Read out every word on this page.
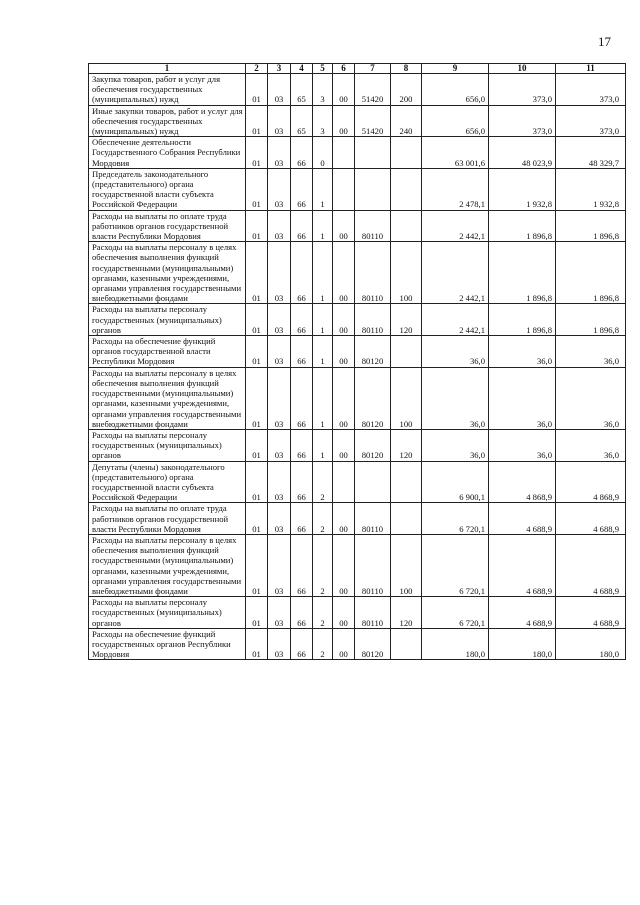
17
1	2	3	4	5	6	7	8	9	10	11

Закупка товаров, работ и услуг для обеспечения государственных (муниципальных) нужд	01	03	65	3	00	51420	200	656,0	373,0	373,0

Иные закупки товаров, работ и услуг для обеспечения государственных (муниципальных) нужд	01	03	65	3	00	51420	240	656,0	373,0	373,0

Обеспечение деятельности Государственного Собрания Республики Мордовия	01	03	66	0				63 001,6	48 023,9	48 329,7

Председатель законодательного (представительного) органа государственной власти субъекта Российской Федерации	01	03	66	1				2 478,1	1 932,8	1 932,8

Расходы на выплаты по оплате труда работников органов государственной власти Республики Мордовия	01	03	66	1	00	80110		2 442,1	1 896,8	1 896,8

Расходы на выплаты персоналу в целях обеспечения выполнения функций государственными (муниципальными) органами, казенными учреждениями, органами управления государственными внебюджетными фондами	01	03	66	1	00	80110	100	2 442,1	1 896,8	1 896,8

Расходы на выплаты персоналу государственных (муниципальных) органов	01	03	66	1	00	80110	120	2 442,1	1 896,8	1 896,8

Расходы на обеспечение функций органов государственной власти Республики Мордовия	01	03	66	1	00	80120		36,0	36,0	36,0

Расходы на выплаты персоналу в целях обеспечения выполнения функций государственными (муниципальными) органами, казенными учреждениями, органами управления государственными внебюджетными фондами	01	03	66	1	00	80120	100	36,0	36,0	36,0

Расходы на выплаты персоналу государственных (муниципальных) органов	01	03	66	1	00	80120	120	36,0	36,0	36,0

Депутаты (члены) законодательного (представительного) органа государственной власти субъекта Российской Федерации	01	03	66	2				6 900,1	4 868,9	4 868,9

Расходы на выплаты по оплате труда работников органов государственной власти Республики Мордовия	01	03	66	2	00	80110		6 720,1	4 688,9	4 688,9

Расходы на выплаты персоналу в целях обеспечения выполнения функций государственными (муниципальными) органами, казенными учреждениями, органами управления государственными внебюджетными фондами	01	03	66	2	00	80110	100	6 720,1	4 688,9	4 688,9

Расходы на выплаты персоналу государственных (муниципальных) органов	01	03	66	2	00	80110	120	6 720,1	4 688,9	4 688,9

Расходы на обеспечение функций государственных органов Республики Мордовия	01	03	66	2	00	80120		180,0	180,0	180,0
